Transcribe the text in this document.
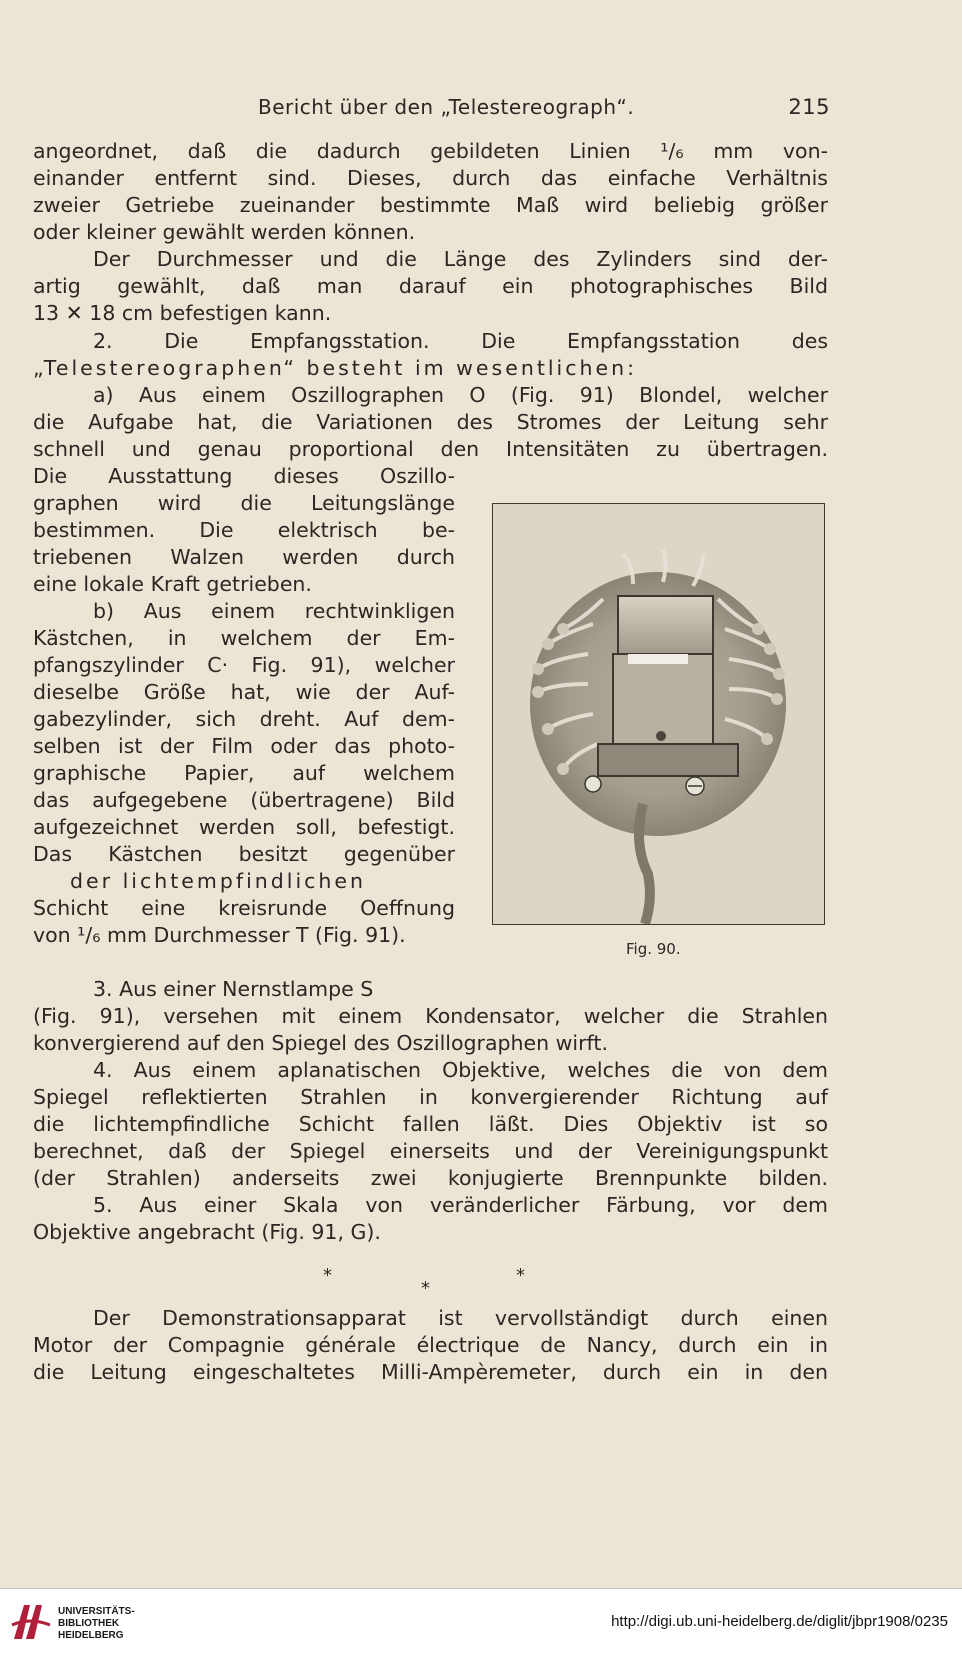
Bericht über den „Telestereograph“.	215
angeordnet, daß die dadurch gebildeten Linien ¹/₆ mm von-
einander entfernt sind. Dieses, durch das einfache Verhältnis
zweier Getriebe zueinander bestimmte Maß wird beliebig größer
oder kleiner gewählt werden können.
Der Durchmesser und die Länge des Zylinders sind der-
artig gewählt, daß man darauf ein photographisches Bild
13 ✕ 18 cm befestigen kann.
2. Die Empfangsstation. Die Empfangsstation des
„Telestereographen“ besteht im wesentlichen:
a) Aus einem Oszillographen O (Fig. 91) Blondel, welcher
die Aufgabe hat, die Variationen des Stromes der Leitung sehr
schnell und genau proportional den Intensitäten zu übertragen.
Die Ausstattung dieses Oszillo-
graphen wird die Leitungslänge
bestimmen. Die elektrisch be-
triebenen Walzen werden durch
eine lokale Kraft getrieben.
b) Aus einem rechtwinkligen
Kästchen, in welchem der Em-
pfangszylinder C· Fig. 91), welcher
dieselbe Größe hat, wie der Auf-
gabezylinder, sich dreht. Auf dem-
selben ist der Film oder das photo-
graphische Papier, auf welchem
das aufgegebene (übertragene) Bild
aufgezeichnet werden soll, befestigt.
Das Kästchen besitzt gegenüber
der lichtempfindlichen
Schicht eine kreisrunde Oeffnung
von ¹/₆ mm Durchmesser T (Fig. 91).
Fig. 90.
3. Aus einer Nernstlampe S
(Fig. 91), versehen mit einem Kondensator, welcher die Strahlen
konvergierend auf den Spiegel des Oszillographen wirft.
4. Aus einem aplanatischen Objektive, welches die von dem
Spiegel reflektierten Strahlen in konvergierender Richtung auf
die lichtempfindliche Schicht fallen läßt. Dies Objektiv ist so
berechnet, daß der Spiegel einerseits und der Vereinigungspunkt
(der Strahlen) anderseits zwei konjugierte Brennpunkte bilden.
5. Aus einer Skala von veränderlicher Färbung, vor dem
Objektive angebracht (Fig. 91, G).
*
*
*
Der Demonstrationsapparat ist vervollständigt durch einen
Motor der Compagnie générale électrique de Nancy, durch ein in
die Leitung eingeschaltetes Milli-Ampèremeter, durch ein in den
UNIVERSITÄTS-
BIBLIOTHEK
HEIDELBERG
http://digi.ub.uni-heidelberg.de/diglit/jbpr1908/0235
